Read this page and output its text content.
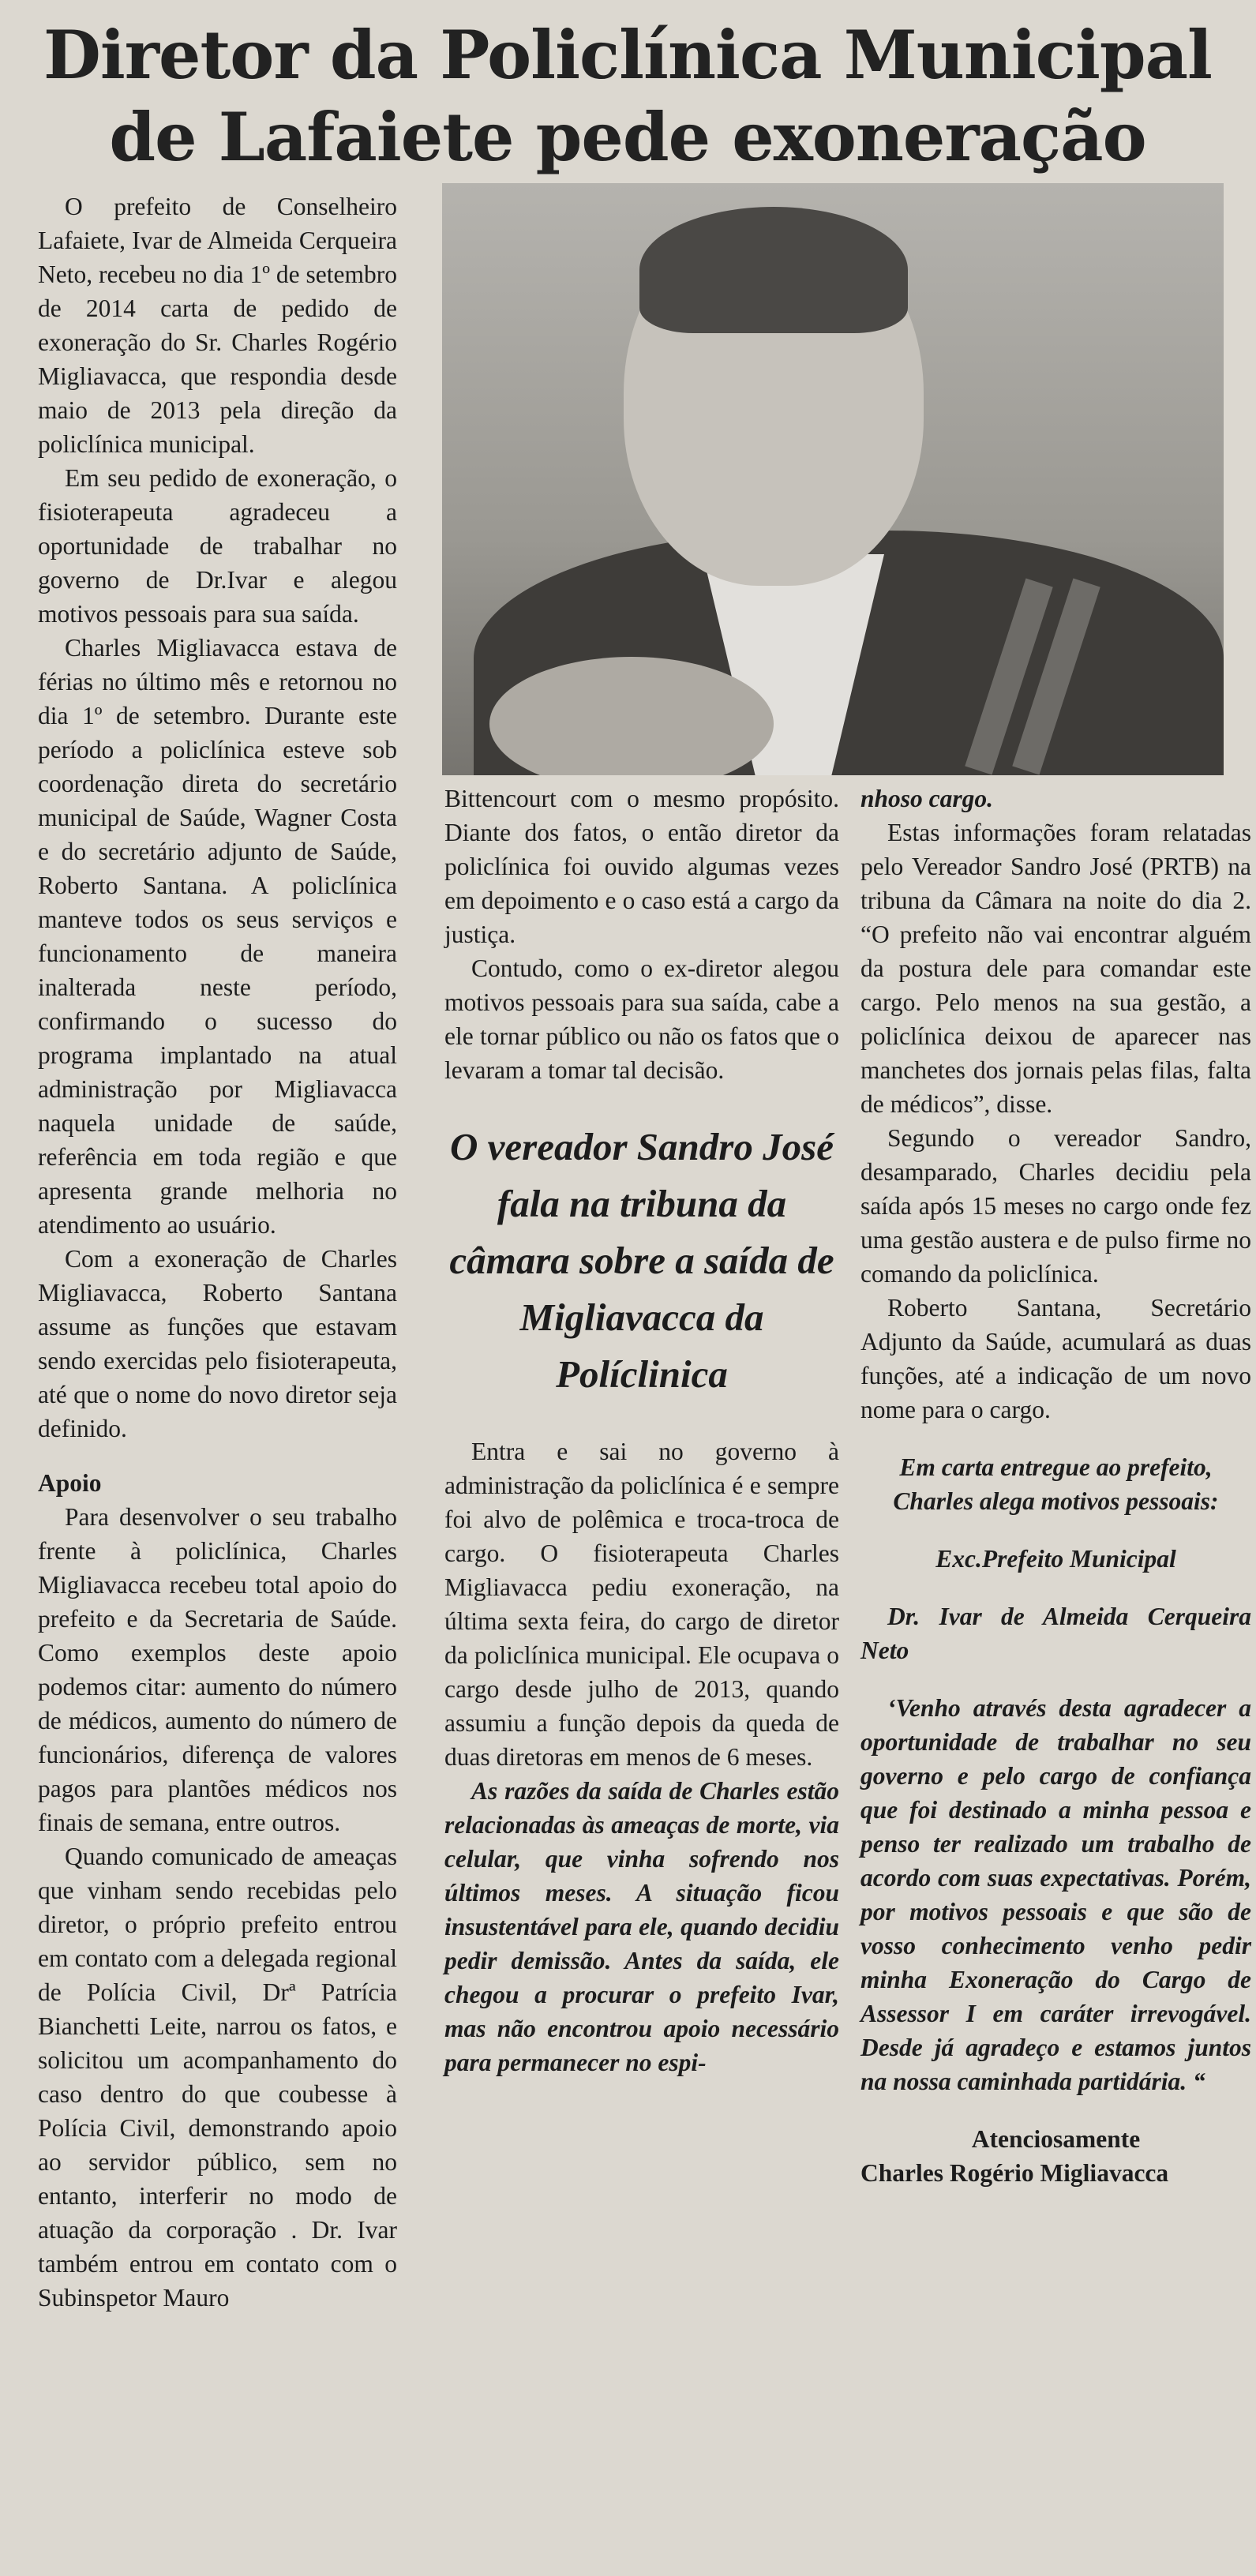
Diretor da Policlínica Municipal
de Lafaiete pede exoneração

O prefeito de Conselheiro Lafaiete, Ivar de Almeida Cerqueira Neto, recebeu no dia 1º de setembro de 2014 carta de pedido de exoneração do Sr. Charles Rogério Migliavacca, que respondia desde maio de 2013 pela direção da policlínica municipal.

Em seu pedido de exoneração, o fisioterapeuta agradeceu a oportunidade de trabalhar no governo de Dr.Ivar e alegou motivos pessoais para sua saída.

Charles Migliavacca estava de férias no último mês e retornou no dia 1º de setembro. Durante este período a policlínica esteve sob coordenação direta do secretário municipal de Saúde, Wagner Costa e do secretário adjunto de Saúde, Roberto Santana. A policlínica manteve todos os seus serviços e funcionamento de maneira inalterada neste período, confirmando o sucesso do programa implantado na atual administração por Migliavacca naquela unidade de saúde, referência em toda região e que apresenta grande melhoria no atendimento ao usuário.

Com a exoneração de Charles Migliavacca, Roberto Santana assume as funções que estavam sendo exercidas pelo fisioterapeuta, até que o nome do novo diretor seja definido.

Apoio

Para desenvolver o seu trabalho frente à policlínica, Charles Migliavacca recebeu total apoio do prefeito e da Secretaria de Saúde. Como exemplos deste apoio podemos citar: aumento do número de médicos, aumento do número de funcionários, diferença de valores pagos para plantões médicos nos finais de semana, entre outros.

Quando comunicado de ameaças que vinham sendo recebidas pelo diretor, o próprio prefeito entrou em contato com a delegada regional de Polícia Civil, Drª Patrícia Bianchetti Leite, narrou os fatos, e solicitou um acompanhamento do caso dentro do que coubesse à Polícia Civil, demonstrando apoio ao servidor público, sem no entanto, interferir no modo de atuação da corporação . Dr. Ivar também entrou em contato com o Subinspetor Mauro

Bittencourt com o mesmo propósito. Diante dos fatos, o então diretor da policlínica foi ouvido algumas vezes em depoimento e o caso está a cargo da justiça.

Contudo, como o ex-diretor alegou motivos pessoais para sua saída, cabe a ele tornar público ou não os fatos que o levaram a tomar tal decisão.

O vereador Sandro José fala na tribuna da câmara sobre a saída de Migliavacca da Políclinica

Entra e sai no governo à administração da policlínica é e sempre foi alvo de polêmica e troca-troca de cargo. O fisioterapeuta Charles Migliavacca pediu exoneração, na última sexta feira, do cargo de diretor da policlínica municipal. Ele ocupava o cargo desde julho de 2013, quando assumiu a função depois da queda de duas diretoras em menos de 6 meses.

As razões da saída de Charles estão relacionadas às ameaças de morte, via celular, que vinha sofrendo nos últimos meses. A situação ficou insustentável para ele, quando decidiu pedir demissão. Antes da saída, ele chegou a procurar o prefeito Ivar, mas não encontrou apoio necessário para permanecer no espi-

nhoso cargo.

Estas informações foram relatadas pelo Vereador Sandro José (PRTB) na tribuna da Câmara na noite do dia 2. “O prefeito não vai encontrar alguém da postura dele para comandar este cargo. Pelo menos na sua gestão, a policlínica deixou de aparecer nas manchetes dos jornais pelas filas, falta de médicos”, disse.

Segundo o vereador Sandro, desamparado, Charles decidiu pela saída após 15 meses no cargo onde fez uma gestão austera e de pulso firme no comando da policlínica.

Roberto Santana, Secretário Adjunto da Saúde, acumulará as duas funções, até a indicação de um novo nome para o cargo.

Em carta entregue ao prefeito, Charles alega motivos pessoais:

Exc.Prefeito Municipal

Dr. Ivar de Almeida Cerqueira Neto

‘Venho através desta agradecer a oportunidade de trabalhar no seu governo e pelo cargo de confiança que foi destinado a minha pessoa e penso ter realizado um trabalho de acordo com suas expectativas. Porém, por motivos pessoais e que são de vosso conhecimento venho pedir minha Exoneração do Cargo de Assessor I em caráter irrevogável. Desde já agradeço e estamos juntos na nossa caminhada partidária. “

Atenciosamente

Charles Rogério Migliavacca
